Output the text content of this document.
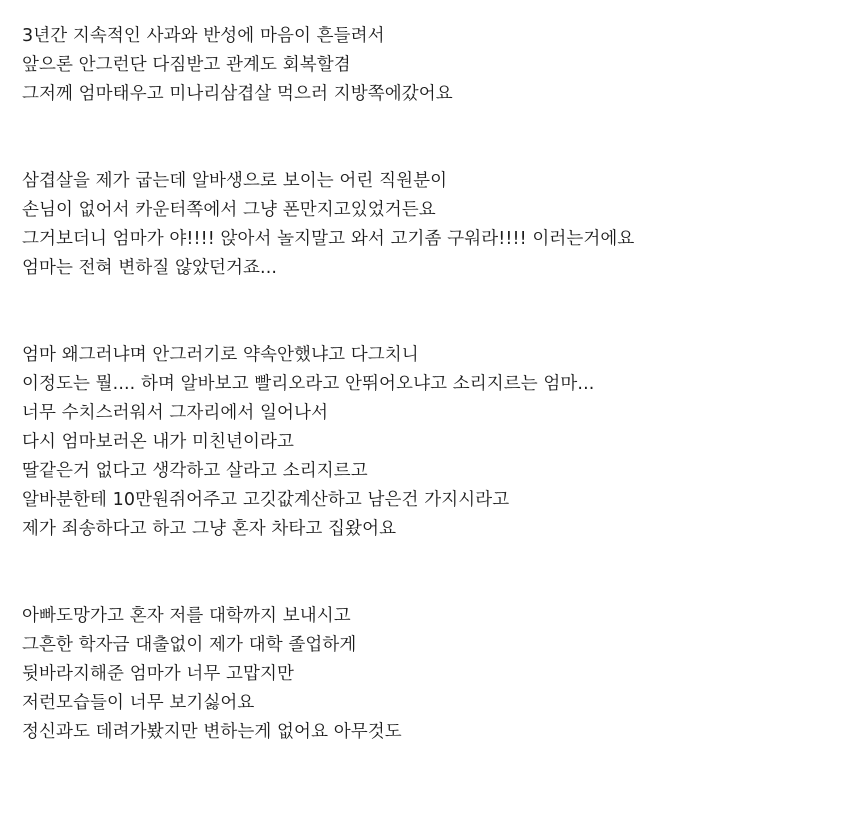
3년간 지속적인 사과와 반성에 마음이 흔들려서
앞으론 안그런단 다짐받고 관계도 회복할겸
그저께 엄마태우고 미나리삼겹살 먹으러 지방쪽에갔어요
삼겹살을 제가 굽는데 알바생으로 보이는 어린 직원분이
손님이 없어서 카운터쪽에서 그냥 폰만지고있었거든요
그거보더니 엄마가 야!!!! 앉아서 놀지말고 와서 고기좀 구워라!!!! 이러는거에요
엄마는 전혀 변하질 않았던거죠...
엄마 왜그러냐며 안그러기로 약속안했냐고 다그치니
이정도는 뭘.... 하며 알바보고 빨리오라고 안뛰어오냐고 소리지르는 엄마...
너무 수치스러워서 그자리에서 일어나서
다시 엄마보러온 내가 미친년이라고
딸같은거 없다고 생각하고 살라고 소리지르고
알바분한테 10만원쥐어주고 고깃값계산하고 남은건 가지시라고
제가 죄송하다고 하고 그냥 혼자 차타고 집왔어요
아빠도망가고 혼자 저를 대학까지 보내시고
그흔한 학자금 대출없이 제가 대학 졸업하게
뒷바라지해준 엄마가 너무 고맙지만
저런모습들이 너무 보기싫어요
정신과도 데려가봤지만 변하는게 없어요 아무것도
